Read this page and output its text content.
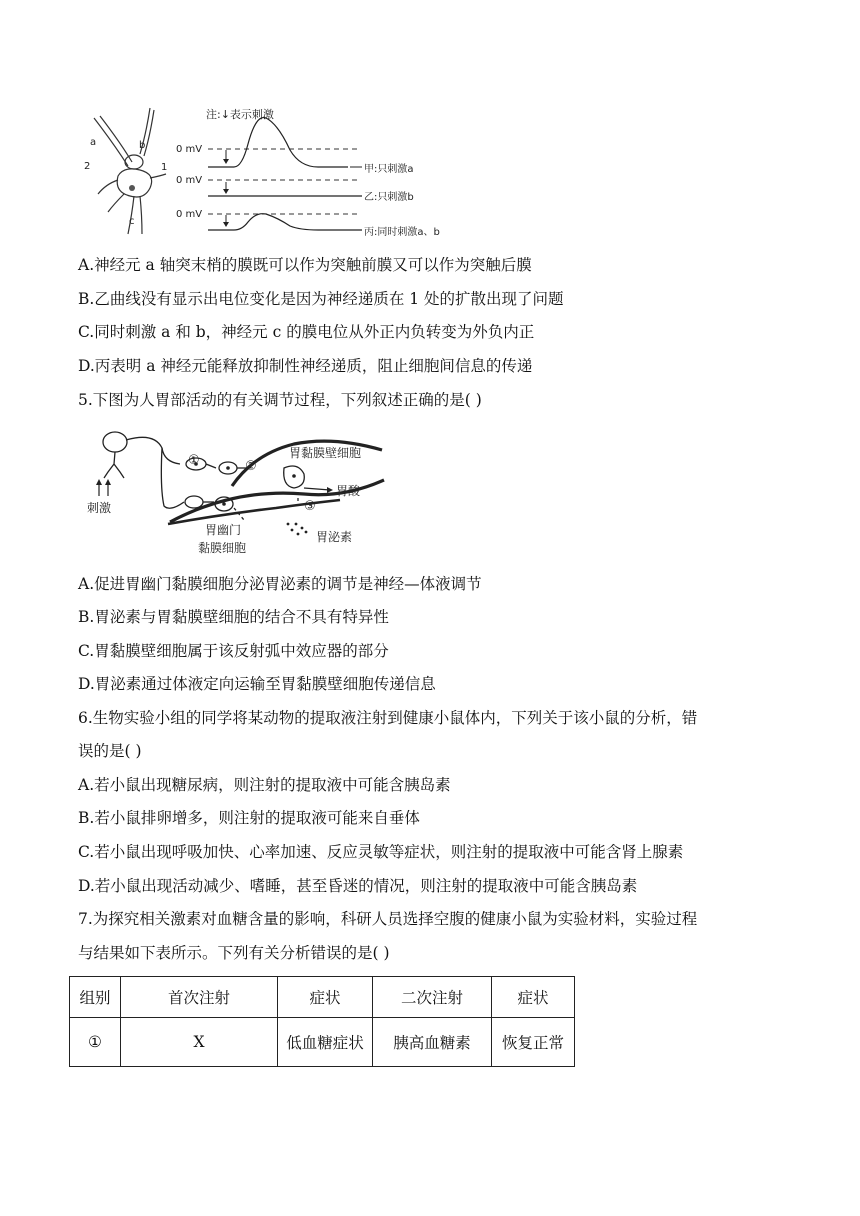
a	b
2	1
c
注:↓表示刺激
0 mV
甲:只刺激a
0 mV
乙:只刺激b
0 mV
丙:同时刺激a、b
A.神经元 a 轴突末梢的膜既可以作为突触前膜又可以作为突触后膜
B.乙曲线没有显示出电位变化是因为神经递质在 1 处的扩散出现了问题
C.同时刺激 a 和 b，神经元 c 的膜电位从外正内负转变为外负内正
D.丙表明 a 神经元能释放抑制性神经递质，阻止细胞间信息的传递
5.下图为人胃部活动的有关调节过程，下列叙述正确的是( )
刺激
①	②
③
胃黏膜壁细胞
胃酸
胃幽门
黏膜细胞
胃泌素
A.促进胃幽门黏膜细胞分泌胃泌素的调节是神经—体液调节
B.胃泌素与胃黏膜壁细胞的结合不具有特异性
C.胃黏膜壁细胞属于该反射弧中效应器的部分
D.胃泌素通过体液定向运输至胃黏膜壁细胞传递信息
6.生物实验小组的同学将某动物的提取液注射到健康小鼠体内，下列关于该小鼠的分析，错
误的是( )
A.若小鼠出现糖尿病，则注射的提取液中可能含胰岛素
B.若小鼠排卵增多，则注射的提取液可能来自垂体
C.若小鼠出现呼吸加快、心率加速、反应灵敏等症状，则注射的提取液中可能含肾上腺素
D.若小鼠出现活动减少、嗜睡，甚至昏迷的情况，则注射的提取液中可能含胰岛素
7.为探究相关激素对血糖含量的影响，科研人员选择空腹的健康小鼠为实验材料，实验过程
与结果如下表所示。下列有关分析错误的是( )
组别	首次注射	症状	二次注射	症状
①	X	低血糖症状	胰高血糖素	恢复正常
